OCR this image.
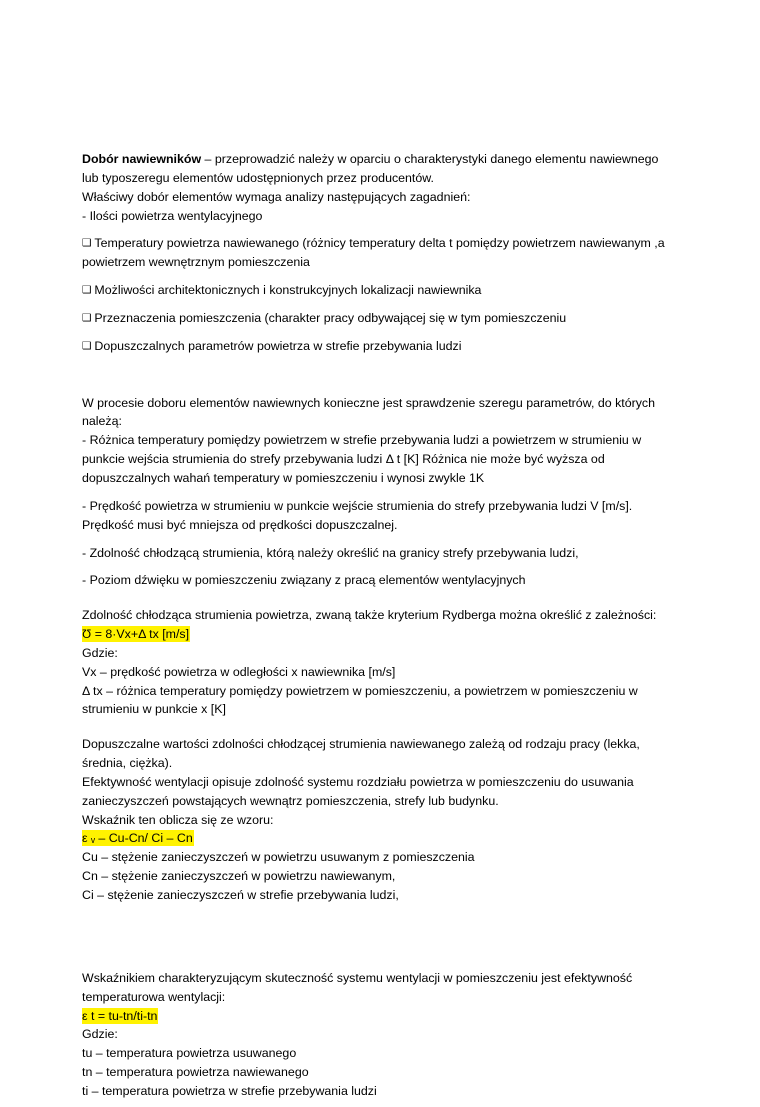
Dobór nawiewników – przeprowadzić należy w oparciu o charakterystyki danego elementu nawiewnego lub typoszeregu elementów udostępnionych przez producentów.

Właściwy dobór elementów wymaga analizy następujących zagadnień:

- Ilości powietrza wentylacyjnego

❑ Temperatury powietrza nawiewanego (różnicy temperatury delta t pomiędzy powietrzem nawiewanym ,a powietrzem wewnętrznym pomieszczenia

❑ Możliwości architektonicznych i konstrukcyjnych lokalizacji nawiewnika

❑ Przeznaczenia pomieszczenia (charakter pracy odbywającej się w tym pomieszczeniu

❑ Dopuszczalnych parametrów powietrza w strefie przebywania ludzi

W procesie doboru elementów nawiewnych konieczne jest sprawdzenie szeregu parametrów, do których należą:

- Różnica temperatury pomiędzy powietrzem w strefie przebywania ludzi a powietrzem w strumieniu w punkcie wejścia strumienia do strefy przebywania ludzi Δ t [K] Różnica nie może być wyższa od dopuszczalnych wahań temperatury w pomieszczeniu i wynosi zwykle 1K

- Prędkość powietrza w strumieniu w punkcie wejście strumienia do strefy przebywania ludzi V [m/s]. Prędkość musi być mniejsza od prędkości dopuszczalnej.

- Zdolność chłodzącą strumienia, którą należy określić na granicy strefy przebywania ludzi,

- Poziom dźwięku w pomieszczeniu związany z pracą elementów wentylacyjnych

Zdolność chłodząca strumienia powietrza, zwaną także kryterium Rydberga można określić z zależności:

Ʊ = 8·Vx+Δ tx [m/s]

Gdzie:

Vx – prędkość powietrza w odległości x nawiewnika [m/s]

Δ tx – różnica temperatury pomiędzy powietrzem w pomieszczeniu, a powietrzem w pomieszczeniu w strumieniu w punkcie x [K]

Dopuszczalne wartości zdolności chłodzącej strumienia nawiewanego zależą od rodzaju pracy (lekka, średnia, ciężka).

Efektywność wentylacji opisuje zdolność systemu rozdziału powietrza w pomieszczeniu do usuwania zanieczyszczeń powstających wewnątrz pomieszczenia, strefy lub budynku.

Wskaźnik ten oblicza się ze wzoru:

ε ᵥ – Cu-Cn/ Ci – Cn

Cu – stężenie zanieczyszczeń w powietrzu usuwanym z pomieszczenia

Cn – stężenie zanieczyszczeń w powietrzu nawiewanym,

Ci – stężenie zanieczyszczeń w strefie przebywania ludzi,

Wskaźnikiem charakteryzującym skuteczność systemu wentylacji w pomieszczeniu jest efektywność temperaturowa wentylacji:

ε t = tu-tn/ti-tn

Gdzie:

tu – temperatura powietrza usuwanego

tn – temperatura powietrza nawiewanego

ti – temperatura powietrza w strefie przebywania ludzi
